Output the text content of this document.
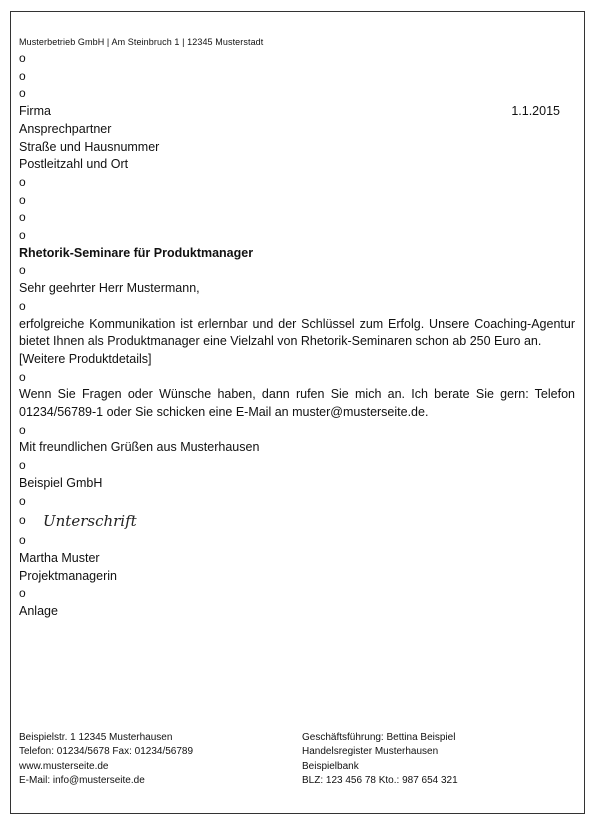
Musterbetrieb GmbH | Am Steinbruch 1 | 12345 Musterstadt
o
o
o
Firma	1.1.2015
Ansprechpartner
Straße und Hausnummer
Postleitzahl und Ort
o
o
o
o
Rhetorik-Seminare für Produktmanager
o
Sehr geehrter Herr Mustermann,
o
erfolgreiche Kommunikation ist erlernbar und der Schlüssel zum Erfolg. Unsere Coaching-Agentur bietet Ihnen als Produktmanager eine Vielzahl von Rhetorik-Seminaren schon ab 250 Euro an.
[Weitere Produktdetails]
o
Wenn Sie Fragen oder Wünsche haben, dann rufen Sie mich an. Ich berate Sie gern: Telefon 01234/56789-1 oder Sie schicken eine E-Mail an muster@musterseite.de.
o
Mit freundlichen Grüßen aus Musterhausen
o
Beispiel GmbH
o
o	Unterschrift
o
Martha Muster
Projektmanagerin
o
Anlage
Beispielstr. 1 12345 Musterhausen
Telefon: 01234/5678 Fax: 01234/56789
www.musterseite.de
E-Mail: info@musterseite.de
Geschäftsführung: Bettina Beispiel
Handelsregister Musterhausen
Beispielbank
BLZ: 123 456 78 Kto.: 987 654 321
